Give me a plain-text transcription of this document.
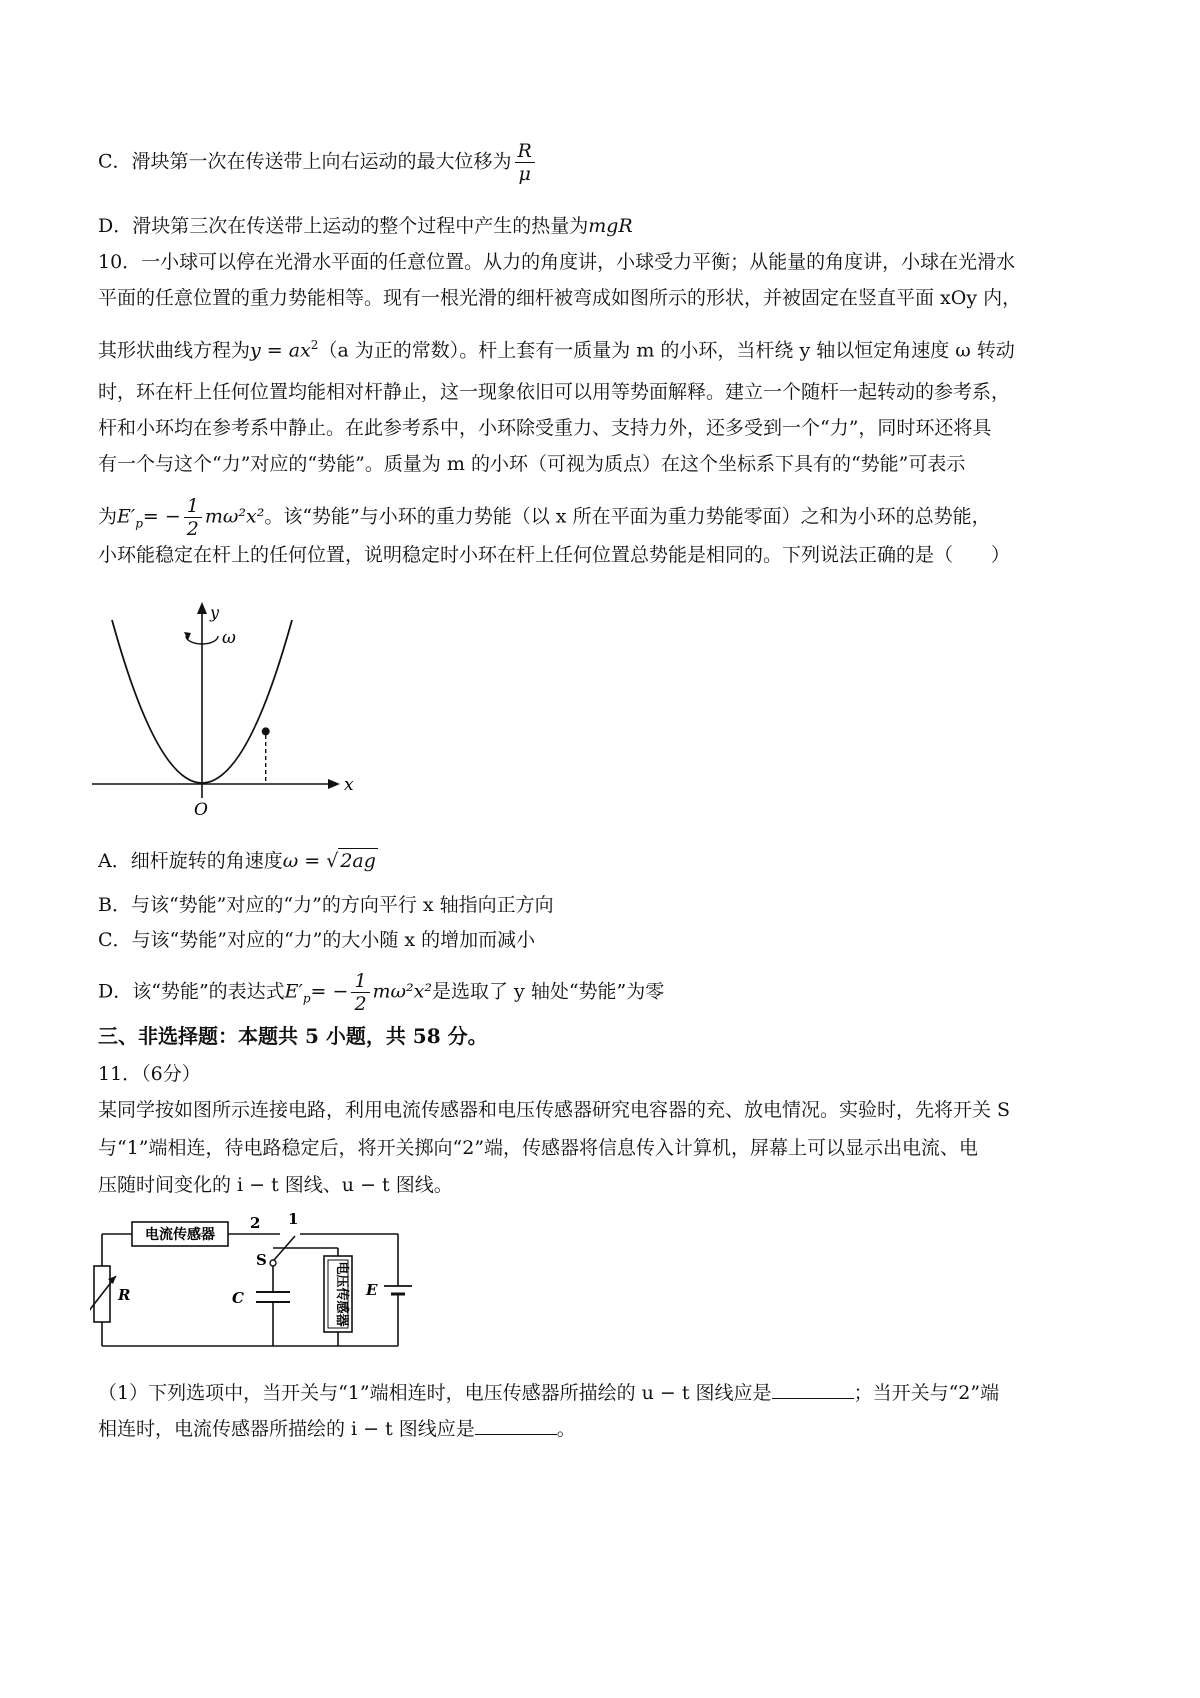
C．滑块第一次在传送带上向右运动的最大位移为 $\frac{R}{\mu}$
D．滑块第三次在传送带上运动的整个过程中产生的热量为mgR
10．一小球可以停在光滑水平面的任意位置。从力的角度讲，小球受力平衡；从能量的角度讲，小球在光滑水
平面的任意位置的重力势能相等。现有一根光滑的细杆被弯成如图所示的形状，并被固定在竖直平面 xOy 内，
其形状曲线方程为$y = ax^2(a$ 为正的常数）。杆上套有一质量为 m 的小环，当杆绕 y 轴以恒定角速度 ω 转动
时，环在杆上任何位置均能相对杆静止，这一现象依旧可以用等势面解释。建立一个随杆一起转动的参考系，
杆和小环均在参考系中静止。在此参考系中，小环除受重力、支持力外，还多受到一个“力”，同时环还将具
有一个与这个“力”对应的“势能”。质量为 m 的小环（可视为质点）在这个坐标系下具有的“势能”可表示
为$E'_p= - \frac{1}{2} m\omega^2x^2$。该“势能”与小环的重力势能（以 x 所在平面为重力势能零面）之和为小环的总势能，
小环能稳定在杆上的任何位置，说明稳定时小环在杆上任何位置总势能是相同的。下列说法正确的是（　　）
y
ω
x
O
A．细杆旋转的角速度ω = √ 2ag
B．与该“势能”对应的“力”的方向平行 x 轴指向正方向
C．与该“势能”对应的“力”的大小随 x 的增加而减小
D．该“势能”的表达式$E'_p= - \frac{1}{2} m\omega^2x^2$是选取了 y 轴处“势能”为零
三、非选择题：本题共 5 小题，共 58 分。
11．（6分）
某同学按如图所示连接电路，利用电流传感器和电压传感器研究电容器的充、放电情况。实验时，先将开关 S
与“1”端相连，待电路稳定后，将开关掷向“2”端，传感器将信息传入计算机，屏幕上可以显示出电流、电
压随时间变化的 i − t 图线、u − t 图线。
电流传感器
R
2 1
S
C	电压传感器 E
（1）下列选项中，当开关与“1”端相连时，电压传感器所描绘的 u − t 图线应是	；当开关与“2”端
相连时，电流传感器所描绘的 i − t 图线应是	。
